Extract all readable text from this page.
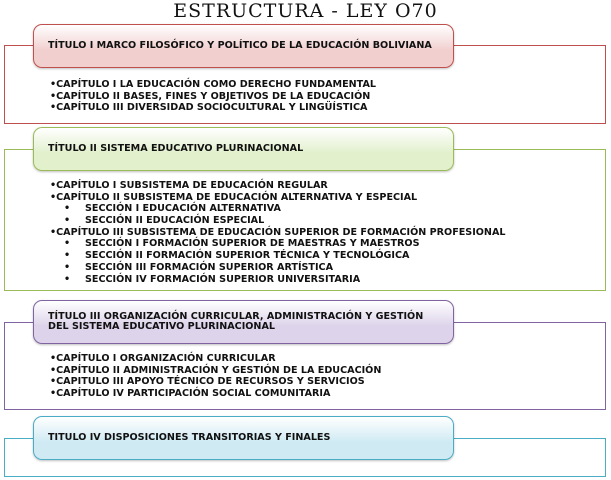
ESTRUCTURA - LEY O70
TÍTULO I MARCO FILOSÓFICO Y POLÍTICO DE LA EDUCACIÓN BOLIVIANA
•CAPÍTULO I LA EDUCACIÓN COMO DERECHO FUNDAMENTAL
•CAPÍTULO II BASES, FINES Y OBJETIVOS DE LA EDUCACIÓN
•CAPÍTULO III DIVERSIDAD SOCIOCULTURAL Y LINGÜÍSTICA
TÍTULO II SISTEMA EDUCATIVO PLURINACIONAL
•CAPÍTULO I SUBSISTEMA DE EDUCACIÓN REGULAR
•CAPÍTULO II SUBSISTEMA DE EDUCACIÓN ALTERNATIVA Y ESPECIAL
• SECCIÓN I EDUCACIÓN ALTERNATIVA
• SECCIÓN II EDUCACIÓN ESPECIAL
•CAPÍTULO III SUBSISTEMA DE EDUCACIÓN SUPERIOR DE FORMACIÓN PROFESIONAL
• SECCIÓN I FORMACIÓN SUPERIOR DE MAESTRAS Y MAESTROS
• SECCIÓN II FORMACIÓN SUPERIOR TÉCNICA Y TECNOLÓGICA
• SECCIÓN III FORMACIÓN SUPERIOR ARTÍSTICA
• SECCIÓN IV FORMACIÓN SUPERIOR UNIVERSITARIA
TÍTULO III ORGANIZACIÓN CURRICULAR, ADMINISTRACIÓN Y GESTIÓN DEL SISTEMA EDUCATIVO PLURINACIONAL
•CAPÍTULO I ORGANIZACIÓN CURRICULAR
•CAPÍTULO II ADMINISTRACIÓN Y GESTIÓN DE LA EDUCACIÓN
•CAPITULO III APOYO TÉCNICO DE RECURSOS Y SERVICIOS
•CAPÍTULO IV PARTICIPACIÓN SOCIAL COMUNITARIA
TITULO IV DISPOSICIONES TRANSITORIAS Y FINALES
